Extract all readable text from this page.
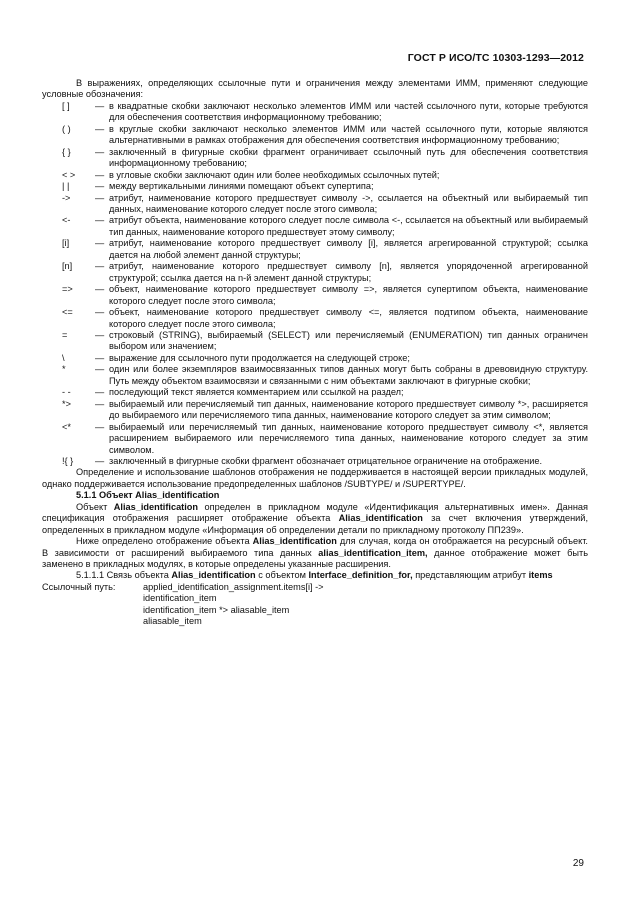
ГОСТ Р ИСО/ТС 10303-1293—2012

В выражениях, определяющих ссылочные пути и ограничения между элементами ИММ, применяют следующие условные обозначения:

[ ]	— в квадратные скобки заключают несколько элементов ИММ или частей ссылочного пути, которые требуются для обеспечения соответствия информационному требованию;
( )	— в круглые скобки заключают несколько элементов ИММ или частей ссылочного пути, которые являются альтернативными в рамках отображения для обеспечения соответствия информационному требованию;
{ }	— заключенный в фигурные скобки фрагмент ограничивает ссылочный путь для обеспечения соответствия информационному требованию;
< >	— в угловые скобки заключают один или более необходимых ссылочных путей;
| |	— между вертикальными линиями помещают объект супертипа;
->	— атрибут, наименование которого предшествует символу ->, ссылается на объектный или выбираемый тип данных, наименование которого следует после этого символа;
<-	— атрибут объекта, наименование которого следует после символа <-, ссылается на объектный или выбираемый тип данных, наименование которого предшествует этому символу;
[i]	— атрибут, наименование которого предшествует символу [i], является агрегированной структурой; ссылка дается на любой элемент данной структуры;
[n]	— атрибут, наименование которого предшествует символу [n], является упорядоченной агрегированной структурой; ссылка дается на n-й элемент данной структуры;
=>	— объект, наименование которого предшествует символу =>, является супертипом объекта, наименование которого следует после этого символа;
<=	— объект, наименование которого предшествует символу <=, является подтипом объекта, наименование которого следует после этого символа;
=	— строковый (STRING), выбираемый (SELECT) или перечисляемый (ENUMERATION) тип данных ограничен выбором или значением;
\	— выражение для ссылочного пути продолжается на следующей строке;
*	— один или более экземпляров взаимосвязанных типов данных могут быть собраны в древовидную структуру. Путь между объектом взаимосвязи и связанными с ним объектами заключают в фигурные скобки;
- -	— последующий текст является комментарием или ссылкой на раздел;
*>	— выбираемый или перечисляемый тип данных, наименование которого предшествует символу *>, расширяется до выбираемого или перечисляемого типа данных, наименование которого следует за этим символом;
<*	— выбираемый или перечисляемый тип данных, наименование которого предшествует символу <*, является расширением выбираемого или перечисляемого типа данных, наименование которого следует за этим символом.
!{ }	— заключенный в фигурные скобки фрагмент обозначает отрицательное ограничение на отображение.

Определение и использование шаблонов отображения не поддерживается в настоящей версии прикладных модулей, однако поддерживается использование предопределенных шаблонов /SUBTYPE/ и /SUPERTYPE/.

5.1.1 Объект Alias_identification

Объект Alias_identification определен в прикладном модуле «Идентификация альтернативных имен». Данная спецификация отображения расширяет отображение объекта Alias_identification за счет включения утверждений, определенных в прикладном модуле «Информация об определении детали по прикладному протоколу ПП239».

Ниже определено отображение объекта Alias_identification для случая, когда он отображается на ресурсный объект. В зависимости от расширений выбираемого типа данных alias_identification_item, данное отображение может быть заменено в прикладных модулях, в которые определены указанные расширения.

5.1.1.1 Связь объекта Alias_identification с объектом Interface_definition_for, представляющим атрибут items

Ссылочный путь:	applied_identification_assignment.items[i] ->
identification_item
identification_item *> aliasable_item
aliasable_item
29
